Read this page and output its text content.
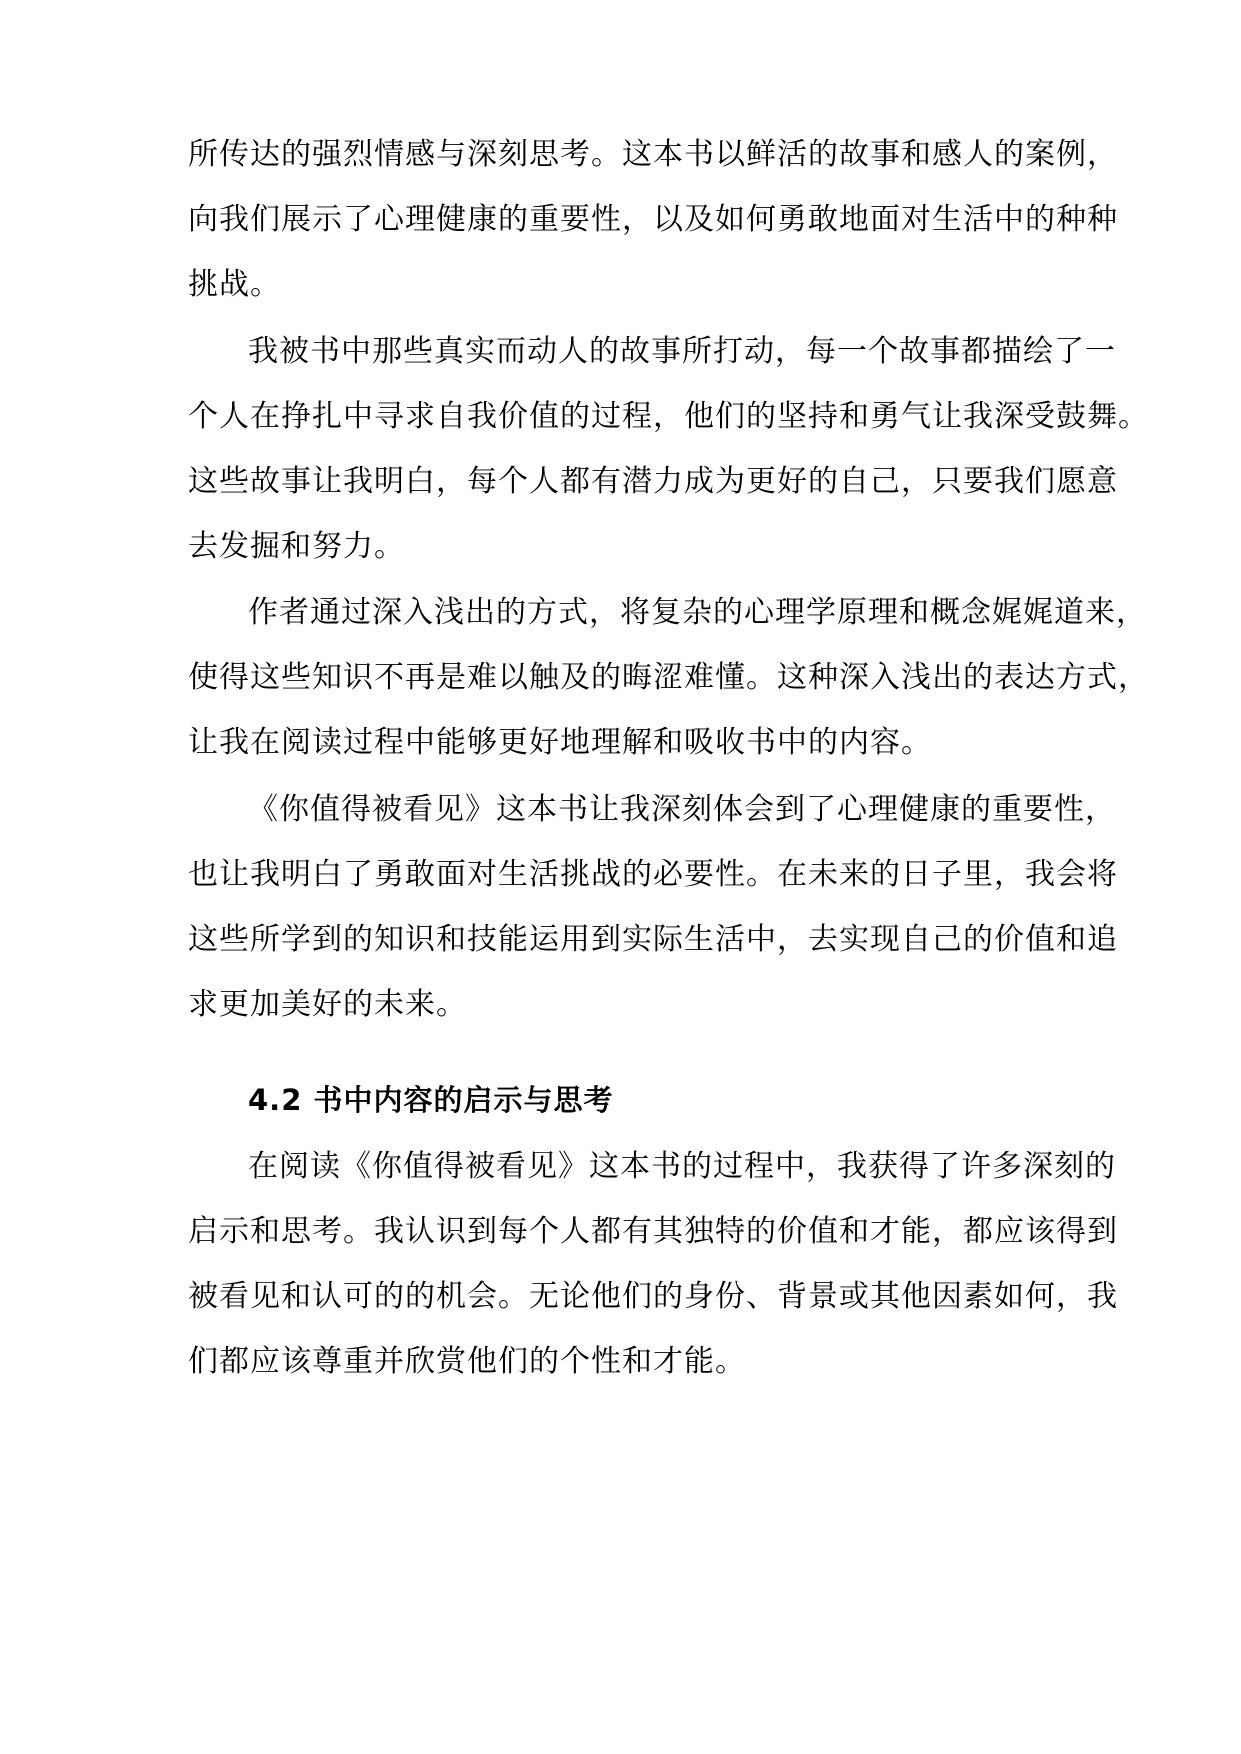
所传达的强烈情感与深刻思考。这本书以鲜活的故事和感人的案例，

向我们展示了心理健康的重要性，以及如何勇敢地面对生活中的种种

挑战。

我被书中那些真实而动人的故事所打动，每一个故事都描绘了一

个人在挣扎中寻求自我价值的过程，他们的坚持和勇气让我深受鼓舞。

这些故事让我明白，每个人都有潜力成为更好的自己，只要我们愿意

去发掘和努力。

作者通过深入浅出的方式，将复杂的心理学原理和概念娓娓道来，

使得这些知识不再是难以触及的晦涩难懂。这种深入浅出的表达方式，

让我在阅读过程中能够更好地理解和吸收书中的内容。

《你值得被看见》这本书让我深刻体会到了心理健康的重要性，

也让我明白了勇敢面对生活挑战的必要性。在未来的日子里，我会将

这些所学到的知识和技能运用到实际生活中，去实现自己的价值和追

求更加美好的未来。

4.2 书中内容的启示与思考

在阅读《你值得被看见》这本书的过程中，我获得了许多深刻的

启示和思考。我认识到每个人都有其独特的价值和才能，都应该得到

被看见和认可的的机会。无论他们的身份、背景或其他因素如何，我

们都应该尊重并欣赏他们的个性和才能。
